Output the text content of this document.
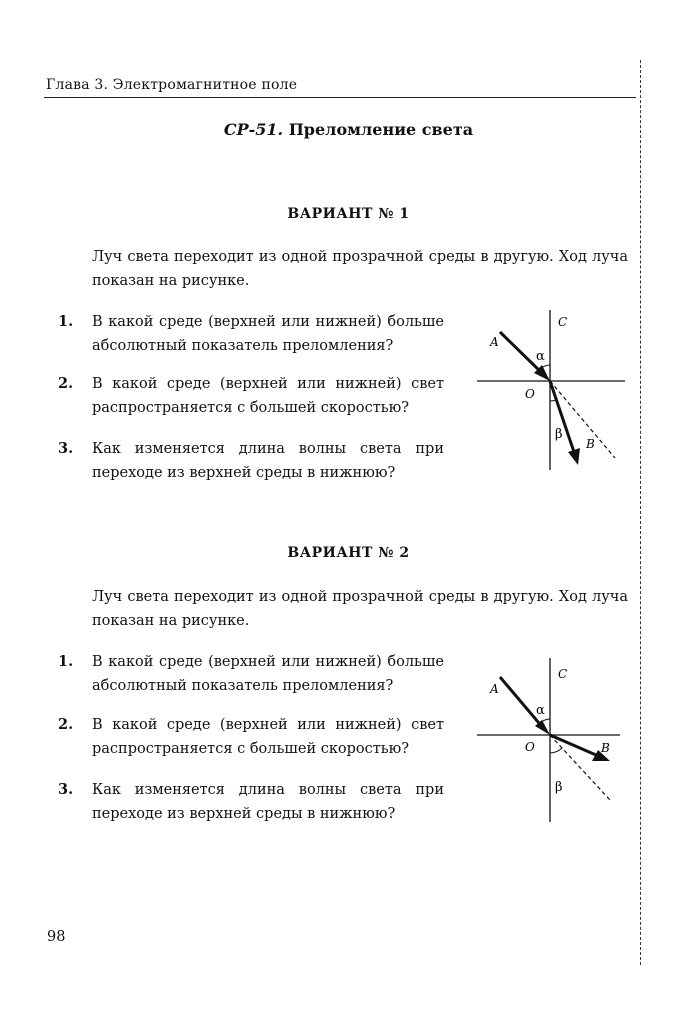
Глава 3. Электромагнитное поле
СР-51. Преломление света
ВАРИАНТ № 1
Луч света переходит из одной прозрачной среды в другую. Ход луча показан на рисунке.
1. В какой среде (верхней или нижней) больше абсолютный показатель преломления?
2. В какой среде (верхней или нижней) свет распространяется с большей скоростью?
3. Как изменяется длина волны света при переходе из верхней среды в нижнюю?
A
C
O
α
β
B
ВАРИАНТ № 2
Луч света переходит из одной прозрачной среды в другую. Ход луча показан на рисунке.
1. В какой среде (верхней или нижней) больше абсолютный показатель преломления?
2. В какой среде (верхней или нижней) свет распространяется с большей скоростью?
3. Как изменяется длина волны света при переходе из верхней среды в нижнюю?
A
C
O
α
β
B
98
